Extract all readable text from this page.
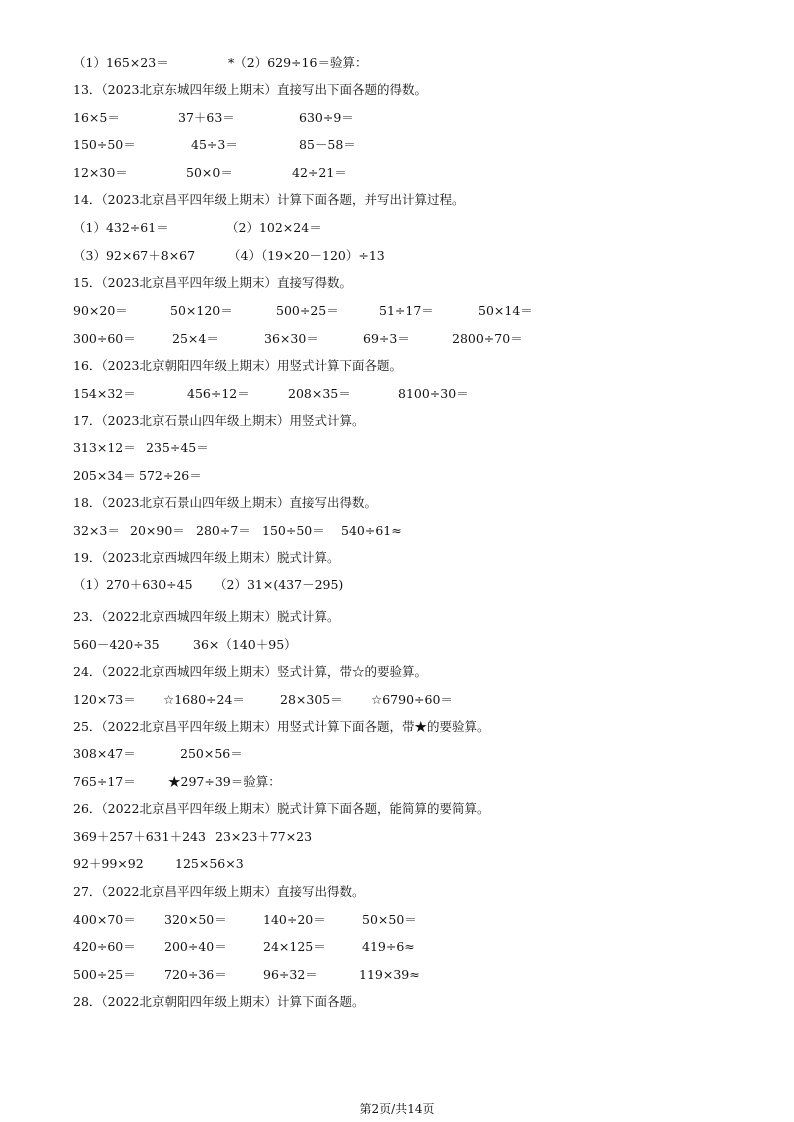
（1）165×23＝	*（2）629÷16＝验算：
13．（2023北京东城四年级上期末）直接写出下面各题的得数。
16×5＝	37＋63＝	630÷9＝
150÷50＝	45÷3＝	85－58＝
12×30＝	50×0＝	42÷21＝
14．（2023北京昌平四年级上期末）计算下面各题，并写出计算过程。
（1）432÷61＝	（2）102×24＝
（3）92×67＋8×67	（4）（19×20－120）÷13
15．（2023北京昌平四年级上期末）直接写得数。
90×20＝	50×120＝	500÷25＝	51÷17＝	50×14＝
300÷60＝	25×4＝	36×30＝	69÷3＝	2800÷70＝
16．（2023北京朝阳四年级上期末）用竖式计算下面各题。
154×32＝	456÷12＝	208×35＝	8100÷30＝
17．（2023北京石景山四年级上期末）用竖式计算。
313×12＝ 235÷45＝
205×34＝ 572÷26＝
18．（2023北京石景山四年级上期末）直接写出得数。
32×3＝ 20×90＝ 280÷7＝ 150÷50＝ 540÷61≈
19．（2023北京西城四年级上期末）脱式计算。
（1）270＋630÷45 （2）31×(437－295)
23．（2022北京西城四年级上期末）脱式计算。
560－420÷35	36×（140＋95）
24．（2022北京西城四年级上期末）竖式计算，带☆的要验算。
120×73＝ ☆1680÷24＝	28×305＝ ☆6790÷60＝
25．（2022北京昌平四年级上期末）用竖式计算下面各题，带★的要验算。
308×47＝	250×56＝
765÷17＝	★297÷39＝验算：
26．（2022北京昌平四年级上期末）脱式计算下面各题，能简算的要简算。
369＋257＋631＋243 23×23＋77×23
92＋99×92	125×56×3
27．（2022北京昌平四年级上期末）直接写出得数。
400×70＝ 320×50＝	140÷20＝	50×50＝
420÷60＝ 200÷40＝	24×125＝	419÷6≈
500÷25＝ 720÷36＝	96÷32＝	119×39≈
28．（2022北京朝阳四年级上期末）计算下面各题。
第2页/共14页
